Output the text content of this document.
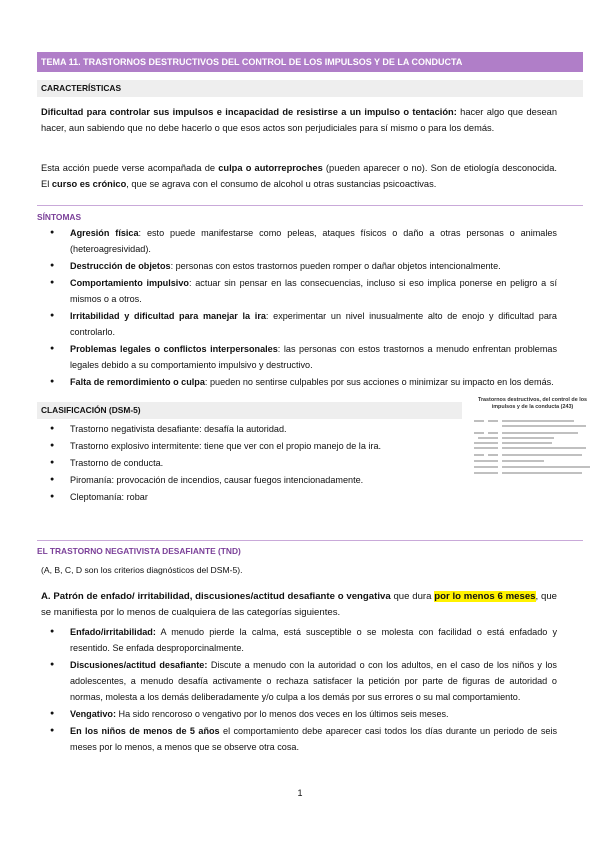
TEMA 11. TRASTORNOS DESTRUCTIVOS DEL CONTROL DE LOS IMPULSOS Y DE LA CONDUCTA
CARACTERÍSTICAS

Dificultad para controlar sus impulsos e incapacidad de resistirse a un impulso o tentación: hacer algo que desean hacer, aun sabiendo que no debe hacerlo o que esos actos son perjudiciales para sí mismo o para los demás.

Esta acción puede verse acompañada de culpa o autorreproches (pueden aparecer o no). Son de etiología desconocida. El curso es crónico, que se agrava con el consumo de alcohol u otras sustancias psicoactivas.

SÍNTOMAS
● Agresión física: esto puede manifestarse como peleas, ataques físicos o daño a otras personas o animales (heteroagresividad).
● Destrucción de objetos: personas con estos trastornos pueden romper o dañar objetos intencionalmente.
● Comportamiento impulsivo: actuar sin pensar en las consecuencias, incluso si eso implica ponerse en peligro a sí mismos o a otros.
● Irritabilidad y dificultad para manejar la ira: experimentar un nivel inusualmente alto de enojo y dificultad para controlarlo.
● Problemas legales o conflictos interpersonales: las personas con estos trastornos a menudo enfrentan problemas legales debido a su comportamiento impulsivo y destructivo.
● Falta de remordimiento o culpa: pueden no sentirse culpables por sus acciones o minimizar su impacto en los demás.
CLASIFICACIÓN (DSM-5)
● Trastorno negativista desafiante: desafía la autoridad.
● Trastorno explosivo intermitente: tiene que ver con el propio manejo de la ira.
● Trastorno de conducta.
● Piromanía: provocación de incendios, causar fuegos intencionadamente.
● Cleptomanía: robar
Trastornos destructivos, del control de los impulsos y de la conducta (243)
EL TRASTORNO NEGATIVISTA DESAFIANTE (TND)

(A, B, C, D son los criterios diagnósticos del DSM-5).

A. Patrón de enfado/ irritabilidad, discusiones/actitud desafiante o vengativa que dura por lo menos 6 meses, que se manifiesta por lo menos de cualquiera de las categorías siguientes.

● Enfado/irritabilidad: A menudo pierde la calma, está susceptible o se molesta con facilidad o está enfadado y resentido. Se enfada desproporcinalmente.
● Discusiones/actitud desafiante: Discute a menudo con la autoridad o con los adultos, en el caso de los niños y los adolescentes, a menudo desafía activamente o rechaza satisfacer la petición por parte de figuras de autoridad o normas, molesta a los demás deliberadamente y/o culpa a los demás por sus errores o su mal comportamiento.
● Vengativo: Ha sido rencoroso o vengativo por lo menos dos veces en los últimos seis meses.
● En los niños de menos de 5 años el comportamiento debe aparecer casi todos los días durante un periodo de seis meses por lo menos, a menos que se observe otra cosa.
1
